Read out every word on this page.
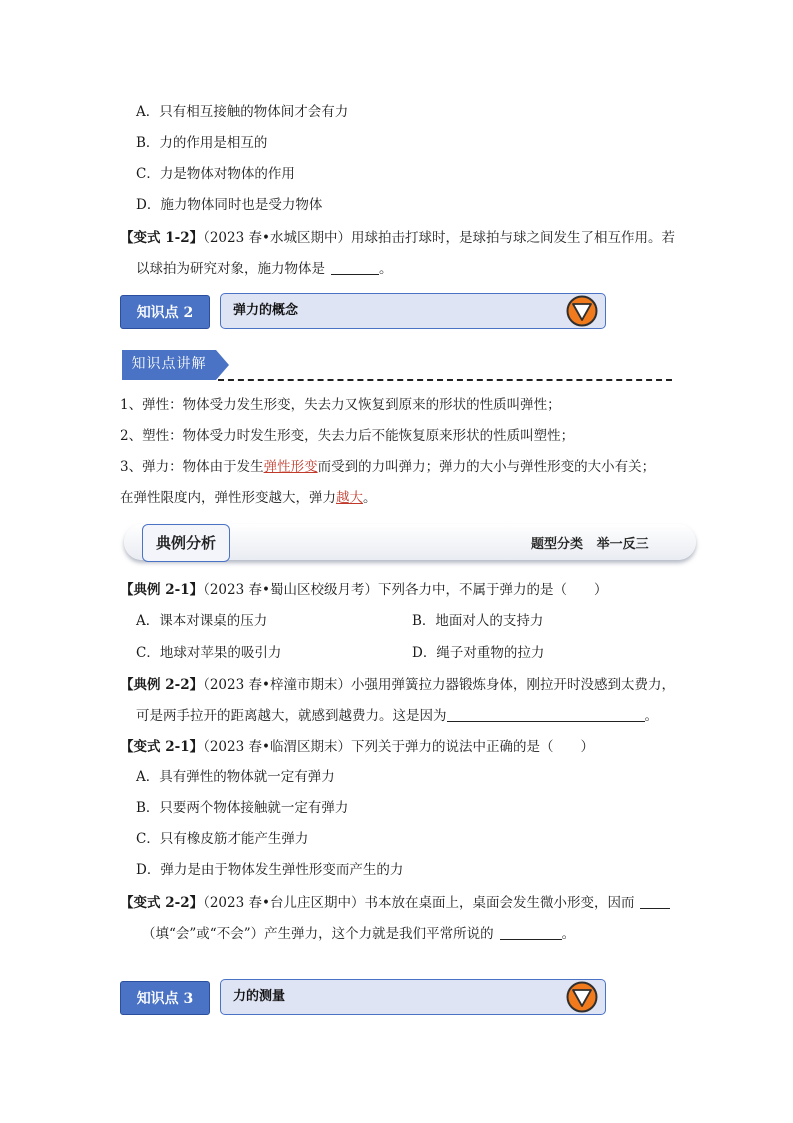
A．只有相互接触的物体间才会有力
B．力的作用是相互的
C．力是物体对物体的作用
D．施力物体同时也是受力物体
【变式 1-2】（2023 春•水城区期中）用球拍击打球时，是球拍与球之间发生了相互作用。若
以球拍为研究对象，施力物体是	。
知识点 2	弹力的概念
知识点讲解
1、弹性：物体受力发生形变，失去力又恢复到原来的形状的性质叫弹性；
2、塑性：物体受力时发生形变，失去力后不能恢复原来形状的性质叫塑性；
3、弹力：物体由于发生弹性形变而受到的力叫弹力；弹力的大小与弹性形变的大小有关；
在弹性限度内，弹性形变越大，弹力越大。
典例分析	题型分类 举一反三
【典例 2-1】（2023 春•蜀山区校级月考）下列各力中，不属于弹力的是（　　）
A．课本对课桌的压力	B．地面对人的支持力
C．地球对苹果的吸引力	D．绳子对重物的拉力
【典例 2-2】（2023 春•梓潼市期末）小强用弹簧拉力器锻炼身体，刚拉开时没感到太费力，
可是两手拉开的距离越大，就感到越费力。这是因为	。
【变式 2-1】（2023 春•临渭区期末）下列关于弹力的说法中正确的是（　　）
A．具有弹性的物体就一定有弹力
B．只要两个物体接触就一定有弹力
C．只有橡皮筋才能产生弹力
D．弹力是由于物体发生弹性形变而产生的力
【变式 2-2】（2023 春•台儿庄区期中）书本放在桌面上，桌面会发生微小形变，因而
（填“会”或“不会”）产生弹力，这个力就是我们平常所说的	。
知识点 3	力的测量
